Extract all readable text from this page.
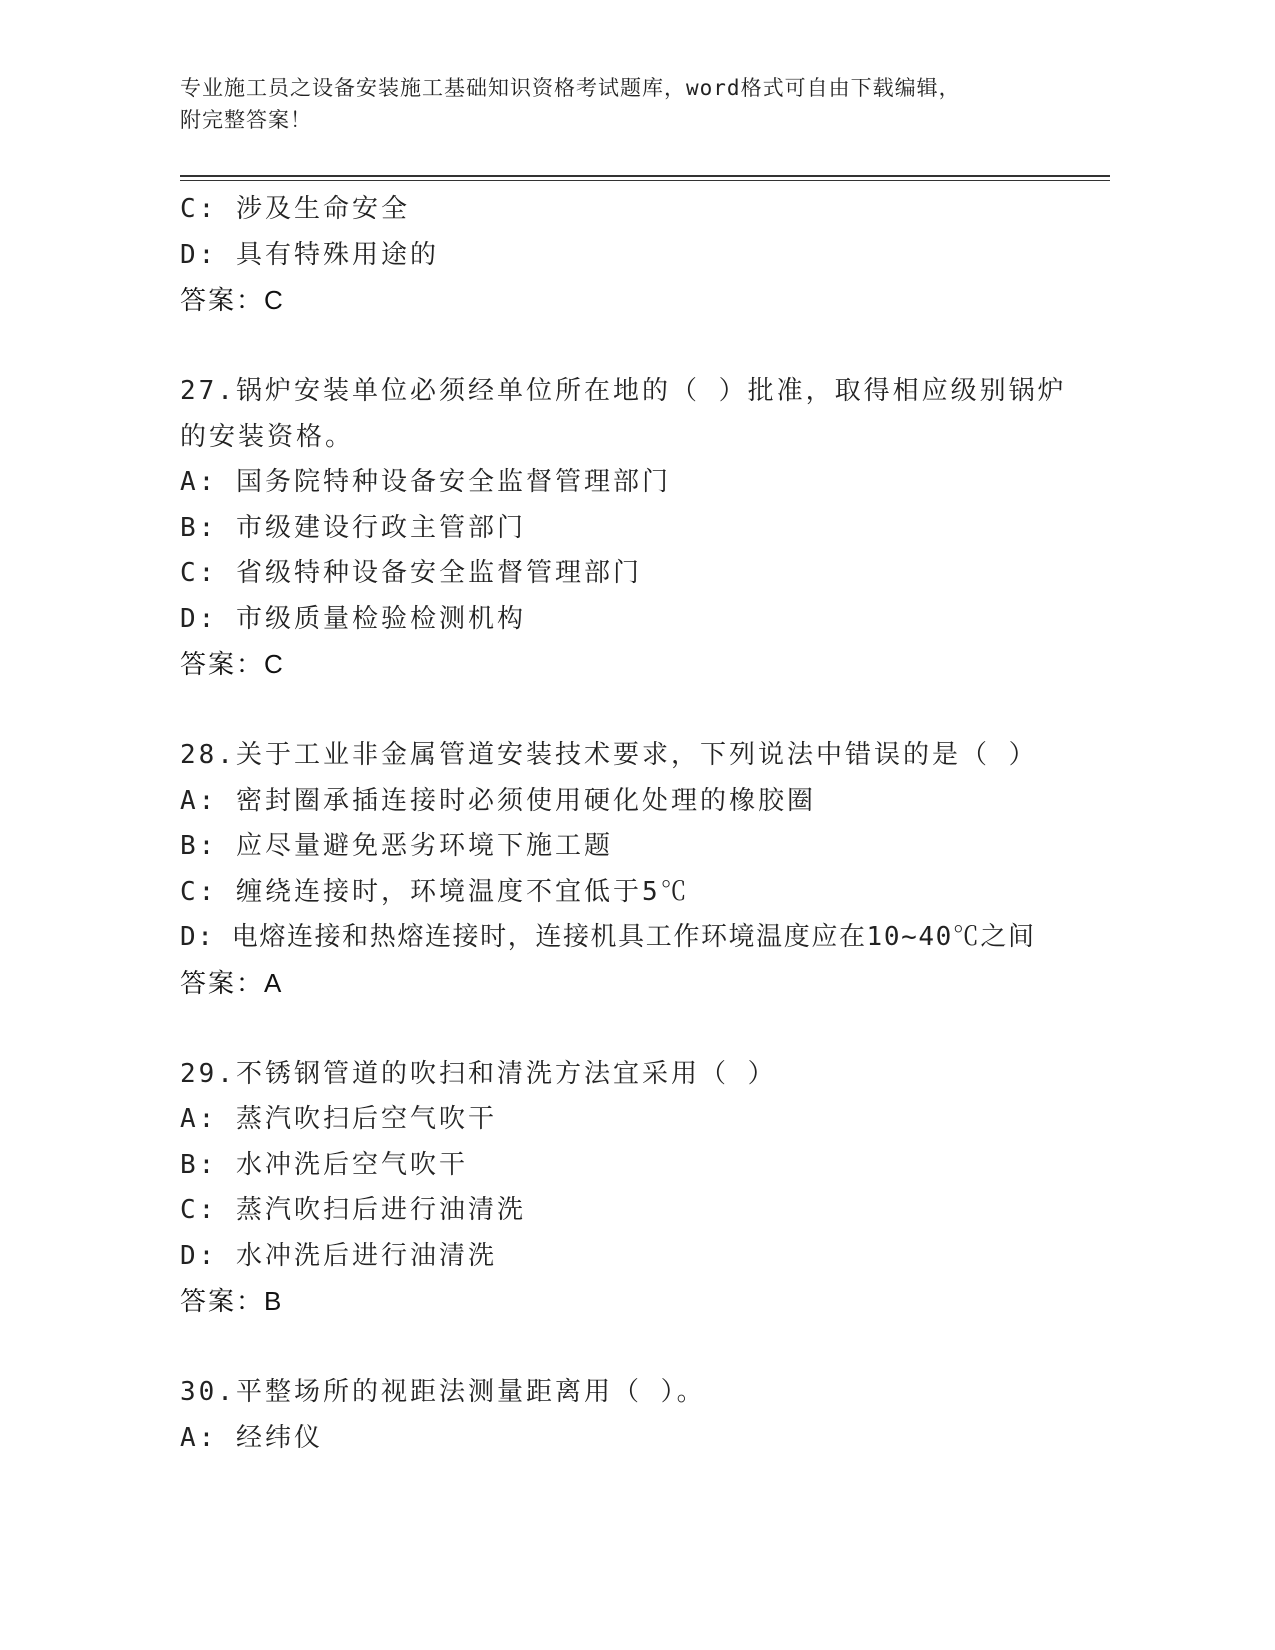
专业施工员之设备安装施工基础知识资格考试题库，word格式可自由下载编辑，
附完整答案！
C: 涉及生命安全
D: 具有特殊用途的
答案：C
27.锅炉安装单位必须经单位所在地的（ ）批准，取得相应级别锅炉
的安装资格。
A: 国务院特种设备安全监督管理部门
B: 市级建设行政主管部门
C: 省级特种设备安全监督管理部门
D: 市级质量检验检测机构
答案：C
28.关于工业非金属管道安装技术要求，下列说法中错误的是（ ）
A: 密封圈承插连接时必须使用硬化处理的橡胶圈
B: 应尽量避免恶劣环境下施工题
C: 缠绕连接时，环境温度不宜低于5℃
D: 电熔连接和热熔连接时，连接机具工作环境温度应在10~40℃之间
答案：A
29.不锈钢管道的吹扫和清洗方法宜采用（ ）
A: 蒸汽吹扫后空气吹干
B: 水冲洗后空气吹干
C: 蒸汽吹扫后进行油清洗
D: 水冲洗后进行油清洗
答案：B
30.平整场所的视距法测量距离用（ ）。
A: 经纬仪
